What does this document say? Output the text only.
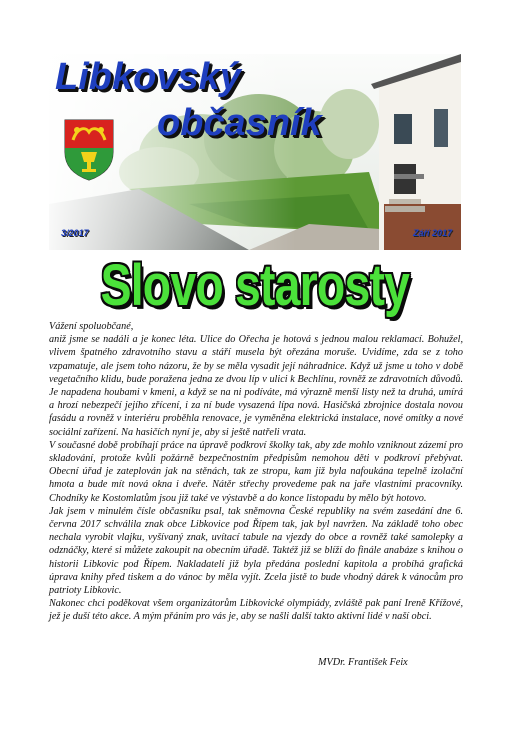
Libkovský
občasník
3/2017	Září 2017
Slovo starosty

Vážení spoluobčané,

aniž jsme se nadáli a je konec léta. Ulice do Ořecha je hotová s jednou malou reklamací. Bohužel, vlivem špatného zdravotního stavu a stáří musela být ořezána moruše. Uvidíme, zda se z toho vzpamatuje, ale jsem toho názoru, že by se měla vysadit její náhradnice. Když už jsme u toho v době vegetačního klidu, bude poražena jedna ze dvou líp v ulici k Bechlínu, rovněž ze zdravotních důvodů. Je napadena houbami v kmeni, a když se na ni podíváte, má výrazně menší listy než ta druhá, umírá a hrozí nebezpečí jejího zřícení, i za ní bude vysazená lípa nová. Hasičská zbrojnice dostala novou fasádu a rovněž v interiéru proběhla renovace, je vyměněna elektrická instalace, nové omítky a nové sociální zařízení. Na hasičích nyní je, aby si ještě natřeli vrata.

V současné době probíhají práce na úpravě podkroví školky tak, aby zde mohlo vzniknout zázemí pro skladování, protože kvůli požárně bezpečnostním předpisům nemohou děti v podkroví přebývat. Obecní úřad je zateplován jak na stěnách, tak ze stropu, kam již byla nafoukána tepelně izolační hmota a bude mít nová okna i dveře. Nátěr střechy provedeme pak na jaře vlastními pracovníky. Chodníky ke Kostomlatům jsou již také ve výstavbě a do konce listopadu by mělo být hotovo.

Jak jsem v minulém čísle občasníku psal, tak sněmovna České republiky na svém zasedání dne 6. června 2017 schválila znak obce Libkovice pod Řípem tak, jak byl navržen. Na základě toho obec nechala vyrobit vlajku, vyšívaný znak, uvítací tabule na vjezdy do obce a rovněž také samolepky a odznáčky, které si můžete zakoupit na obecním úřadě. Taktéž již se blíží do finále anabáze s knihou o historii Libkovic pod Řípem. Nakladatelí již byla předána poslední kapitola a probíhá grafická úprava knihy před tiskem a do vánoc by měla vyjít. Zcela jistě to bude vhodný dárek k vánocům pro patrioty Libkovic.

Nakonec chci poděkovat všem organizátorům Libkovické olympiády, zvláště pak paní Ireně Křížové, jež je duší této akce. A mým přáním pro vás je, aby se našli další takto aktivní lidé v naší obci.

MVDr. František Feix
